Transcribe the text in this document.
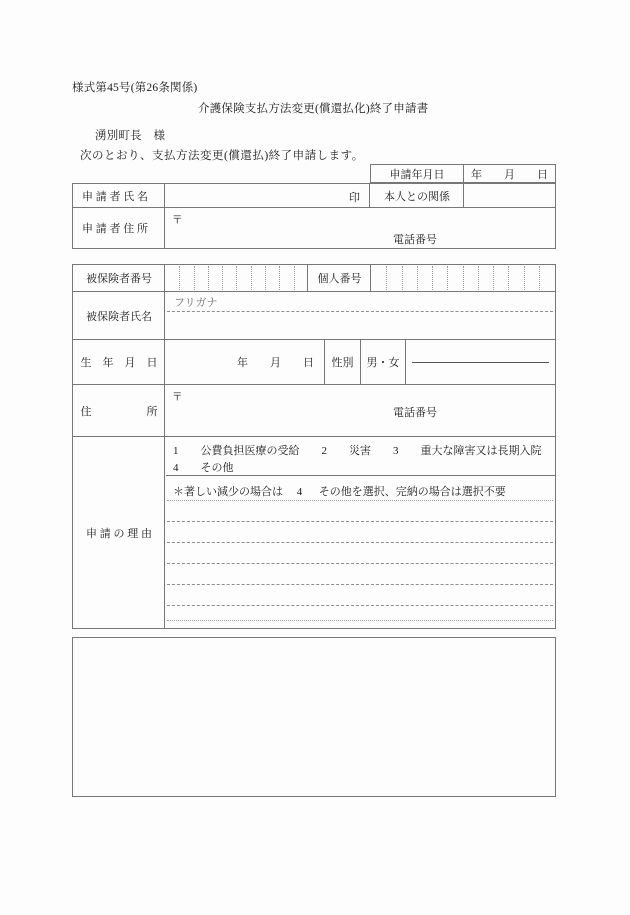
様式第45号(第26条関係)
介護保険支払方法変更(償還払化)終了申請書
湧別町長　様
次のとおり、支払方法変更(償還払)終了申請します。
申請年月日	年　　月　　日
申 請 者 氏 名	印	本人との関係
申 請 者 住 所
〒
電話番号
被保険者番号	個人番号
被保険者氏名
フリガナ
生　年　月　日	年　　月　　日	性別	男・女
住　　　　　所
〒
電話番号
申 請 の 理 由
1　　公費負担医療の受給　　2　　災害　　3　　重大な障害又は長期入院
4　　その他
＊著しい減少の場合は　 4 　 その他を選択、完納の場合は選択不要
